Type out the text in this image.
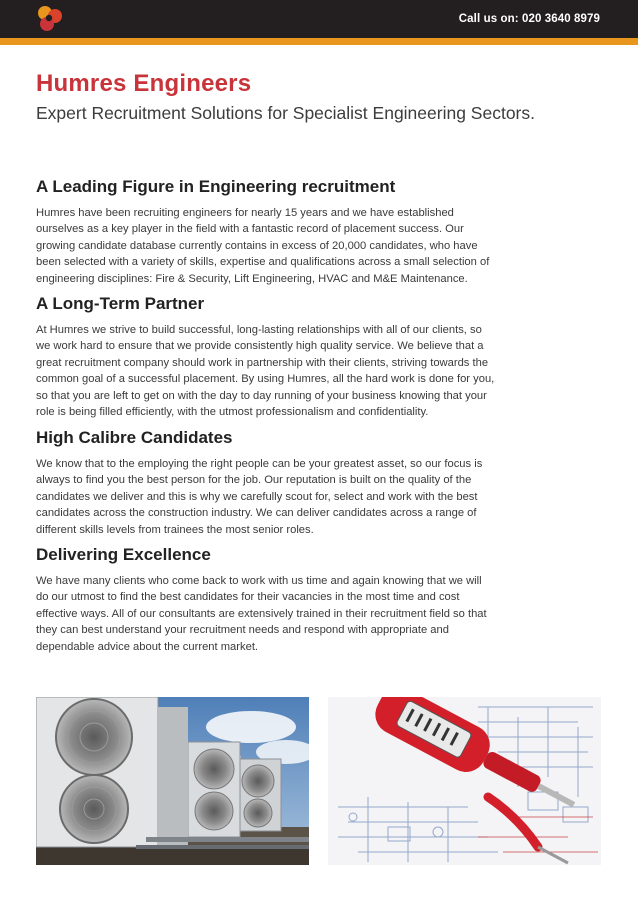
Call us on: 020 3640 8979
Humres Engineers
Expert Recruitment Solutions for Specialist Engineering Sectors.
A Leading Figure in Engineering recruitment

Humres have been recruiting engineers for nearly 15 years and we have established ourselves as a key player in the field with a fantastic record of placement success. Our growing candidate database currently contains in excess of 20,000 candidates, who have been selected with a variety of skills, expertise and qualifications across a small selection of engineering disciplines: Fire & Security, Lift Engineering, HVAC and M&E Maintenance.

A Long-Term Partner

At Humres we strive to build successful, long-lasting relationships with all of our clients, so we work hard to ensure that we provide consistently high quality service. We believe that a great recruitment company should work in partnership with their clients, striving towards the common goal of a successful placement. By using Humres, all the hard work is done for you, so that you are left to get on with the day to day running of your business knowing that your role is being filled efficiently, with the utmost professionalism and confidentiality.

High Calibre Candidates

We know that to the employing the right people can be your greatest asset, so our focus is always to find you the best person for the job. Our reputation is built on the quality of the candidates we deliver and this is why we carefully scout for, select and work with the best candidates across the construction industry. We can deliver candidates across a range of different skills levels from trainees the most senior roles.

Delivering Excellence

We have many clients who come back to work with us time and again knowing that we will do our utmost to find the best candidates for their vacancies in the most time and cost effective ways. All of our consultants are extensively trained in their recruitment field so that they can best understand your recruitment needs and respond with appropriate and dependable advice about the current market.
